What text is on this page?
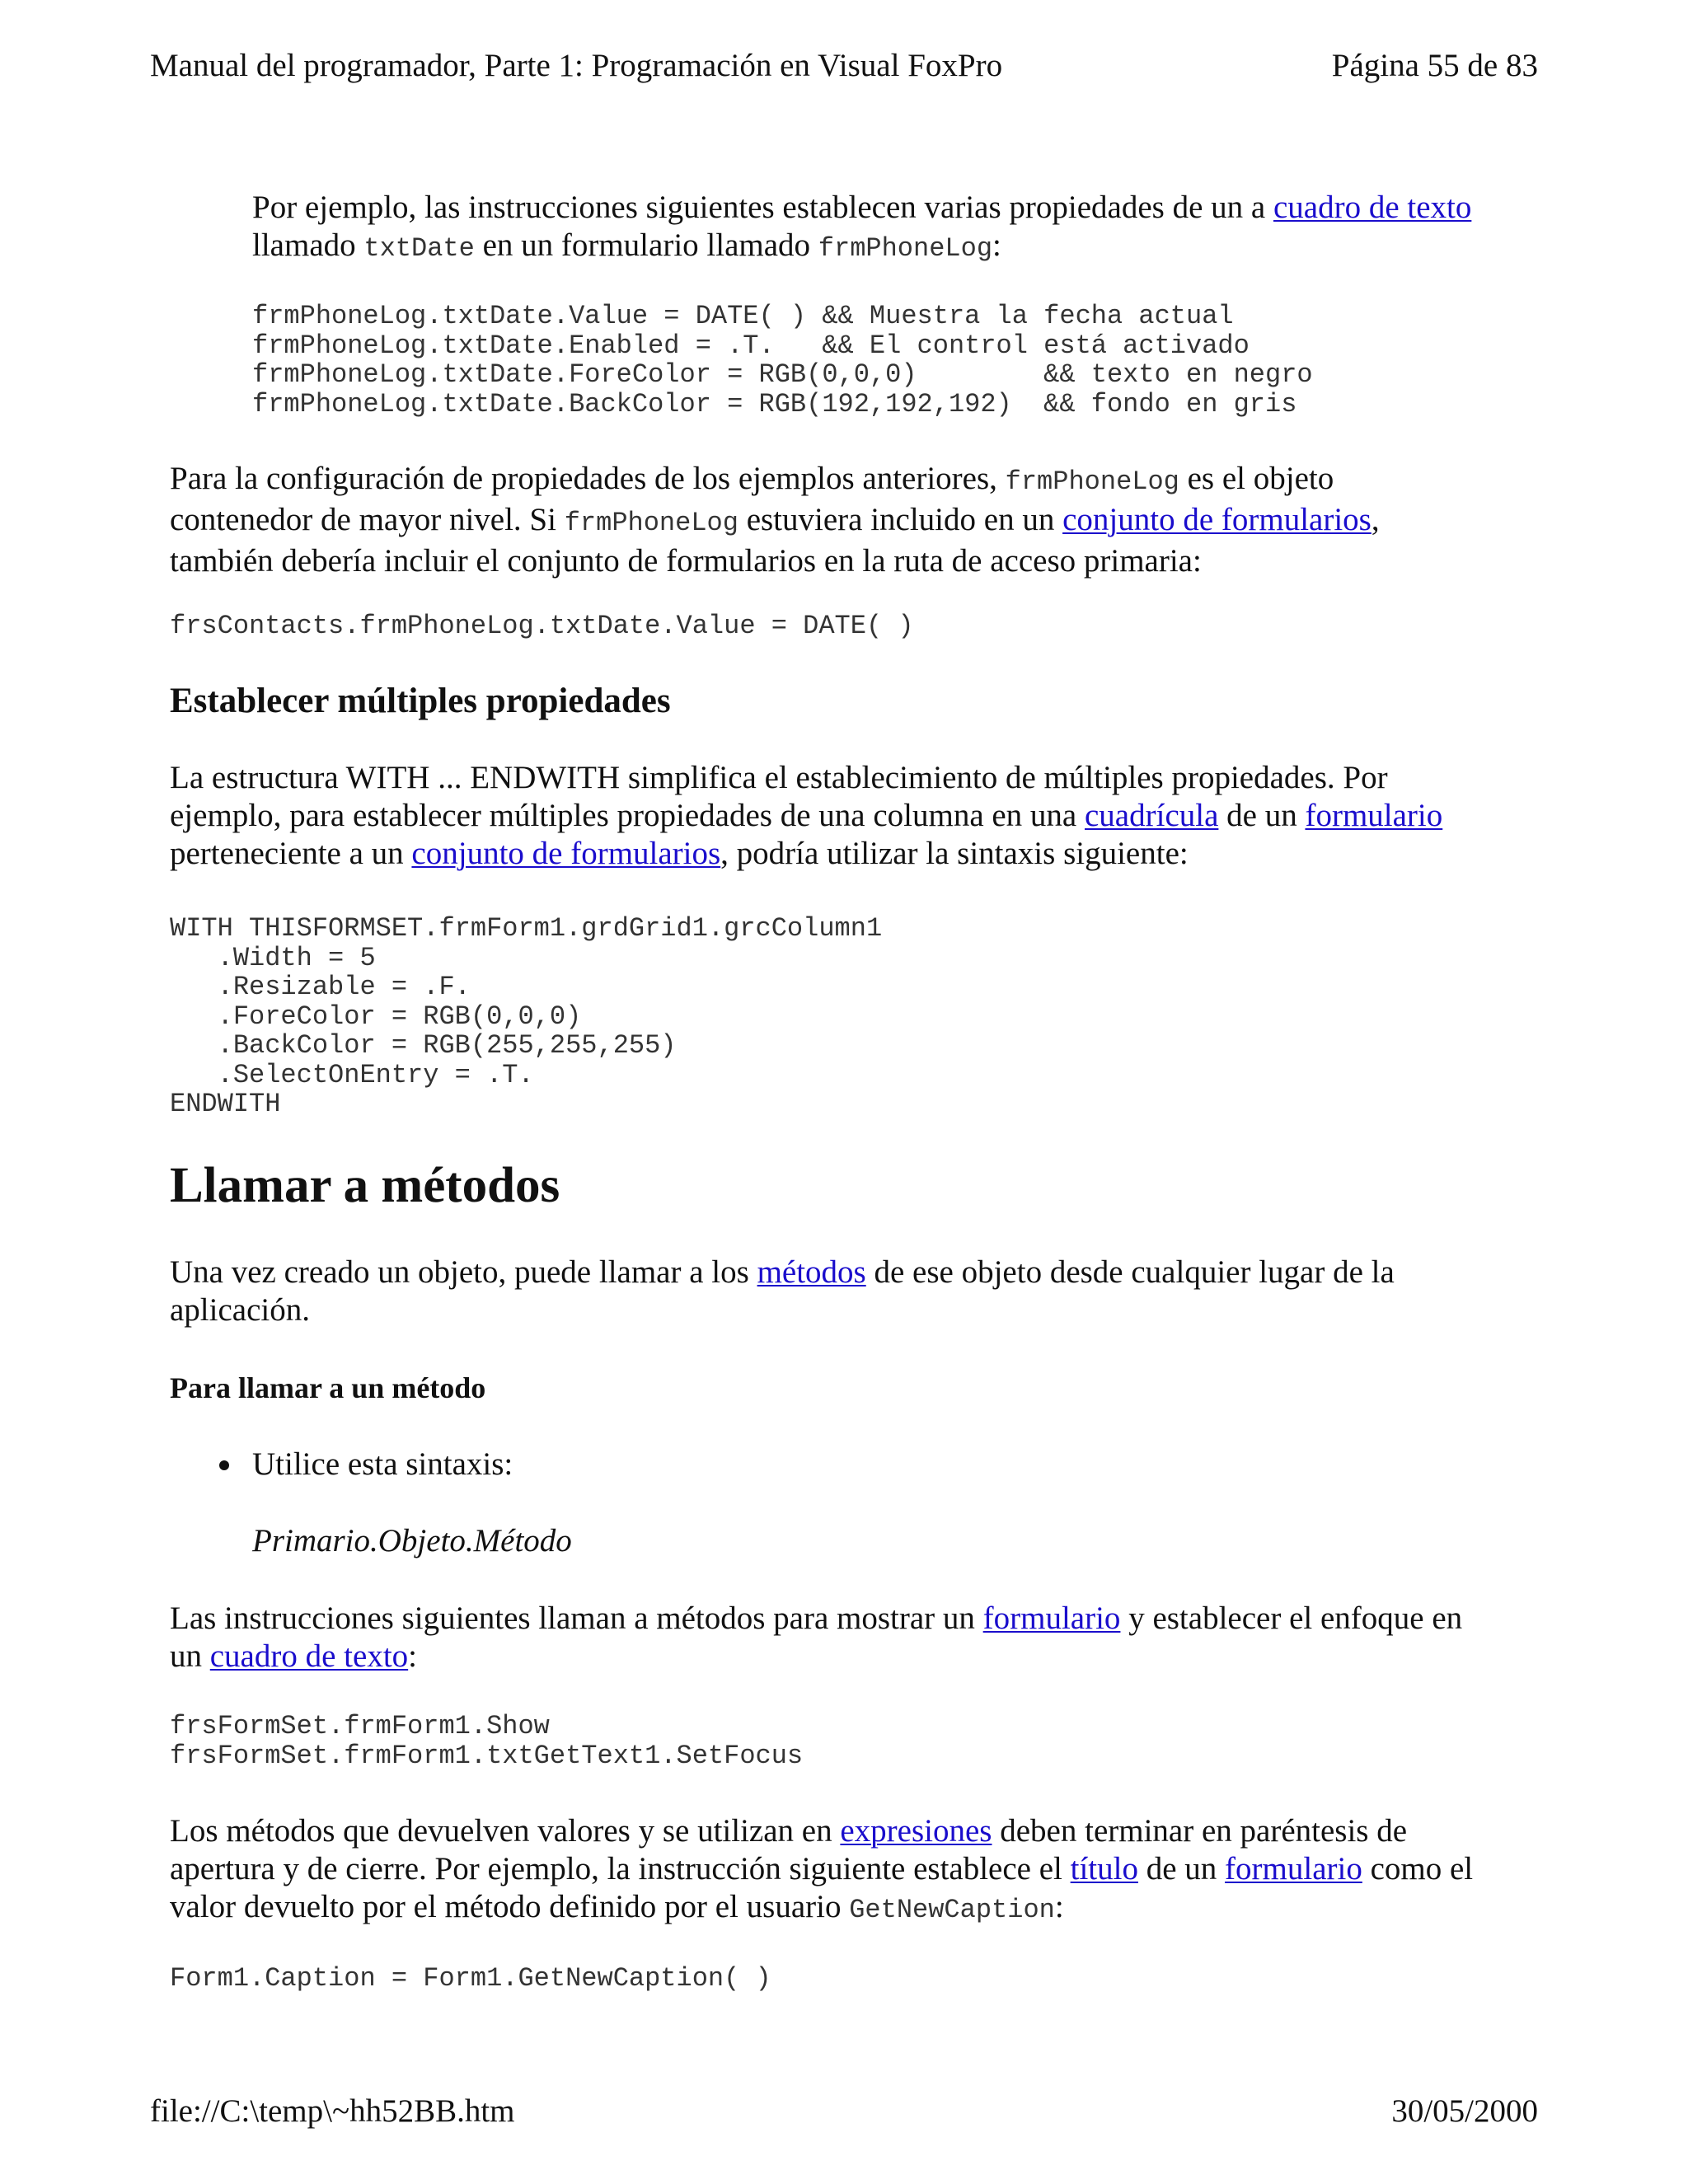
Manual del programador, Parte 1: Programación en Visual FoxPro	Página 55 de 83
Por ejemplo, las instrucciones siguientes establecen varias propiedades de un a cuadro de texto
llamado txtDate en un formulario llamado frmPhoneLog:
frmPhoneLog.txtDate.Value = DATE( ) && Muestra la fecha actual
frmPhoneLog.txtDate.Enabled = .T.   && El control está activado
frmPhoneLog.txtDate.ForeColor = RGB(0,0,0)        && texto en negro
frmPhoneLog.txtDate.BackColor = RGB(192,192,192)  && fondo en gris
Para la configuración de propiedades de los ejemplos anteriores, frmPhoneLog es el objeto
contenedor de mayor nivel. Si frmPhoneLog estuviera incluido en un conjunto de formularios,
también debería incluir el conjunto de formularios en la ruta de acceso primaria:
frsContacts.frmPhoneLog.txtDate.Value = DATE( )
Establecer múltiples propiedades
La estructura WITH ... ENDWITH simplifica el establecimiento de múltiples propiedades. Por
ejemplo, para establecer múltiples propiedades de una columna en una cuadrícula de un formulario
perteneciente a un conjunto de formularios, podría utilizar la sintaxis siguiente:
WITH THISFORMSET.frmForm1.grdGrid1.grcColumn1
.Width = 5
.Resizable = .F.
.ForeColor = RGB(0,0,0)
.BackColor = RGB(255,255,255)
.SelectOnEntry = .T.
ENDWITH
Llamar a métodos
Una vez creado un objeto, puede llamar a los métodos de ese objeto desde cualquier lugar de la
aplicación.
Para llamar a un método
Utilice esta sintaxis:
Primario.Objeto.Método
Las instrucciones siguientes llaman a métodos para mostrar un formulario y establecer el enfoque en
un cuadro de texto:
frsFormSet.frmForm1.Show
frsFormSet.frmForm1.txtGetText1.SetFocus
Los métodos que devuelven valores y se utilizan en expresiones deben terminar en paréntesis de
apertura y de cierre. Por ejemplo, la instrucción siguiente establece el título de un formulario como el
valor devuelto por el método definido por el usuario GetNewCaption:
Form1.Caption = Form1.GetNewCaption( )
file://C:\temp\~hh52BB.htm	30/05/2000
